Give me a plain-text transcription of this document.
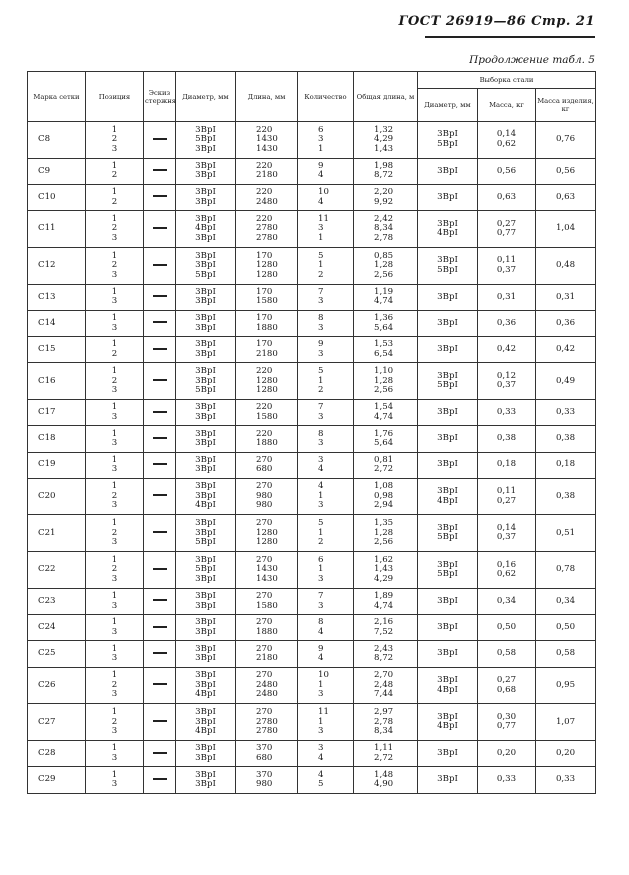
ГОСТ 26919—86 Стр. 21
Продолжение табл. 5
Марка сетки	Позиция	Эскиз стержня	Диаметр, мм	Длина, мм	Количество	Общая длина, м	Выборка стали		
							Диаметр, мм	Масса, кг	Масса изделия, кг
С8	1
2
3		3ВрI
5ВрI
3ВрI	220
1430
1430	6
3
1	1,32
4,29
1,43	3ВрI
5ВрI	0,14
0,62	0,76
С9	1
2		3ВрI
3ВрI	220
2180	9
4	1,98
8,72	3ВрI	0,56	0,56
С10	1
2		3ВрI
3ВрI	220
2480	10
4	2,20
9,92	3ВрI	0,63	0,63
С11	1
2
3		3ВрI
4ВрI
3ВрI	220
2780
2780	11
3
1	2,42
8,34
2,78	3ВрI
4ВрI	0,27
0,77	1,04
С12	1
2
3		3ВрI
3ВрI
5ВрI	170
1280
1280	5
1
2	0,85
1,28
2,56	3ВрI
5ВрI	0,11
0,37	0,48
С13	1
3		3ВрI
3ВрI	170
1580	7
3	1,19
4,74	3ВрI	0,31	0,31
С14	1
3		3ВрI
3ВрI	170
1880	8
3	1,36
5,64	3ВрI	0,36	0,36
С15	1
2		3ВрI
3ВрI	170
2180	9
3	1,53
6,54	3ВрI	0,42	0,42
С16	1
2
3		3ВрI
3ВрI
5ВрI	220
1280
1280	5
1
2	1,10
1,28
2,56	3ВрI
5ВрI	0,12
0,37	0,49
С17	1
3		3ВрI
3ВрI	220
1580	7
3	1,54
4,74	3ВрI	0,33	0,33
С18	1
3		3ВрI
3ВрI	220
1880	8
3	1,76
5,64	3ВрI	0,38	0,38
С19	1
3		3ВрI
3ВрI	270
680	3
4	0,81
2,72	3ВрI	0,18	0,18
С20	1
2
3		3ВрI
3ВрI
4ВрI	270
980
980	4
1
3	1,08
0,98
2,94	3ВрI
4ВрI	0,11
0,27	0,38
С21	1
2
3		3ВрI
3ВрI
5ВрI	270
1280
1280	5
1
2	1,35
1,28
2,56	3ВрI
5ВрI	0,14
0,37	0,51
С22	1
2
3		3ВрI
5ВрI
3ВрI	270
1430
1430	6
1
3	1,62
1,43
4,29	3ВрI
5ВрI	0,16
0,62	0,78
С23	1
3		3ВрI
3ВрI	270
1580	7
3	1,89
4,74	3ВрI	0,34	0,34
С24	1
3		3ВрI
3ВрI	270
1880	8
4	2,16
7,52	3ВрI	0,50	0,50
С25	1
3		3ВрI
3ВрI	270
2180	9
4	2,43
8,72	3ВрI	0,58	0,58
С26	1
2
3		3ВрI
3ВрI
4ВрI	270
2480
2480	10
1
3	2,70
2,48
7,44	3ВрI
4ВрI	0,27
0,68	0,95
С27	1
2
3		3ВрI
3ВрI
4ВрI	270
2780
2780	11
1
3	2,97
2,78
8,34	3ВрI
4ВрI	0,30
0,77	1,07
С28	1
3		3ВрI
3ВрI	370
680	3
4	1,11
2,72	3ВрI	0,20	0,20
С29	1
3		3ВрI
3ВрI	370
980	4
5	1,48
4,90	3ВрI	0,33	0,33
